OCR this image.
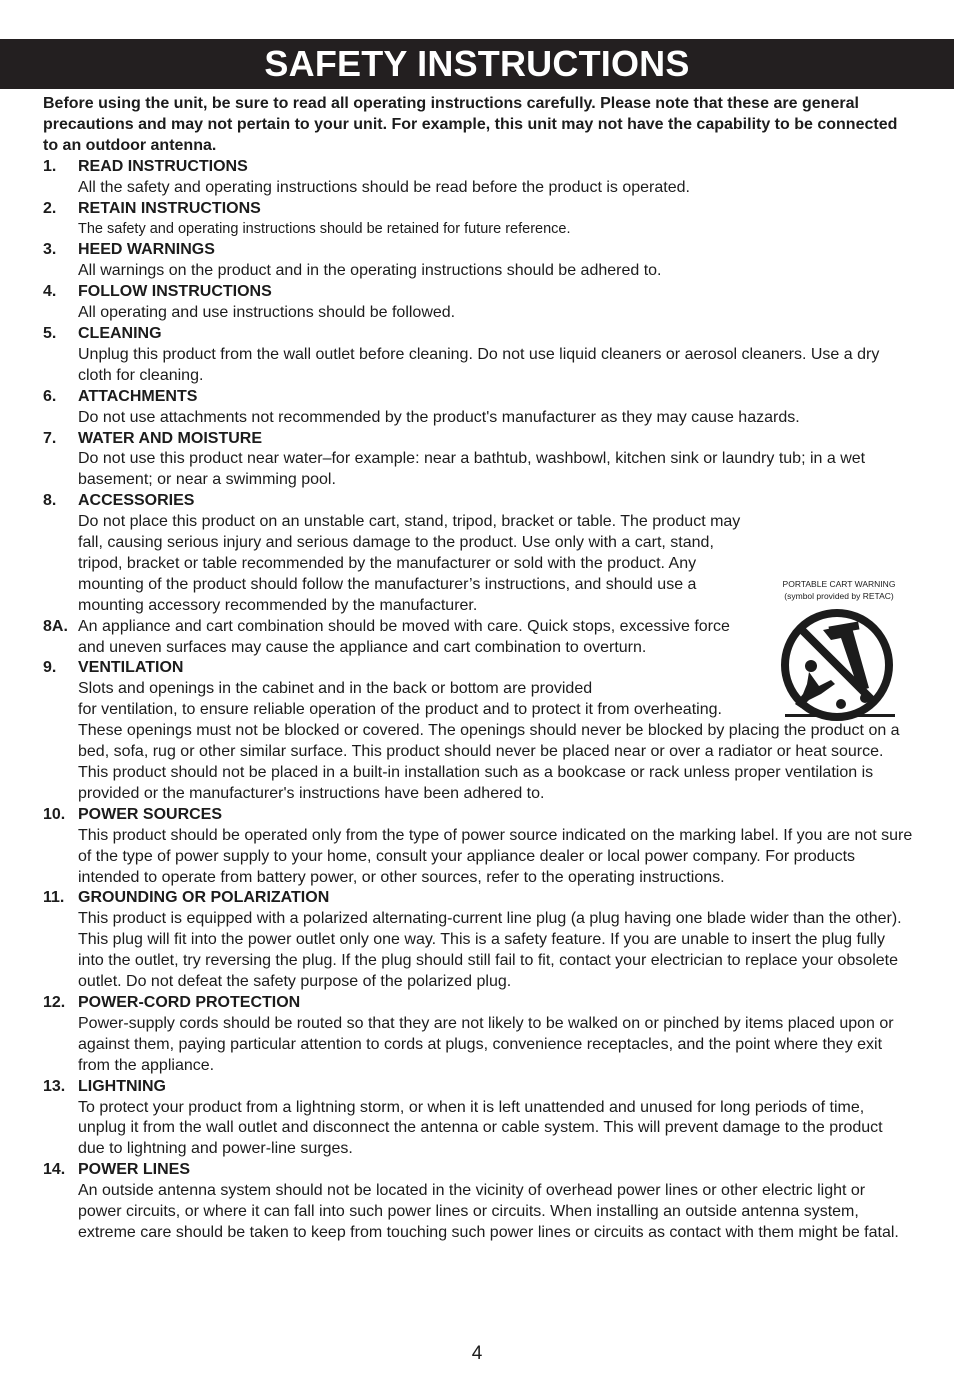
SAFETY INSTRUCTIONS

Before using the unit, be sure to read all operating instructions carefully. Please note that these are general precautions and may not pertain to your unit. For example, this unit may not have the capability to be connected to an outdoor antenna.

1. READ INSTRUCTIONS
All the safety and operating instructions should be read before the product is operated.
2. RETAIN INSTRUCTIONS
The safety and operating instructions should be retained for future reference.
3. HEED WARNINGS
All warnings on the product and in the operating instructions should be adhered to.
4. FOLLOW INSTRUCTIONS
All operating and use instructions should be followed.
5. CLEANING
Unplug this product from the wall outlet before cleaning. Do not use liquid cleaners or aerosol cleaners. Use a dry cloth for cleaning.
6. ATTACHMENTS
Do not use attachments not recommended by the product's manufacturer as they may cause hazards.
7. WATER AND MOISTURE
Do not use this product near water–for example: near a bathtub, washbowl, kitchen sink or laundry tub; in a wet basement; or near a swimming pool.
8. ACCESSORIES
Do not place this product on an unstable cart, stand, tripod, bracket or table. The product may fall, causing serious injury and serious damage to the product. Use only with a cart, stand, tripod, bracket or table recommended by the manufacturer or sold with the product. Any mounting of the product should follow the manufacturer’s instructions, and should use a mounting accessory recommended by the manufacturer.
8A. An appliance and cart combination should be moved with care. Quick stops, excessive force and uneven surfaces may cause the appliance and cart combination to overturn.
9. VENTILATION
Slots and openings in the cabinet and in the back or bottom are provided for ventilation, to ensure reliable operation of the product and to protect it from overheating. These openings must not be blocked or covered. The openings should never be blocked by placing the product on a bed, sofa, rug or other similar surface. This product should never be placed near or over a radiator or heat source. This product should not be placed in a built-in installation such as a bookcase or rack unless proper ventilation is provided or the manufacturer's instructions have been adhered to.
10. POWER SOURCES
This product should be operated only from the type of power source indicated on the marking label. If you are not sure of the type of power supply to your home, consult your appliance dealer or local power company. For products intended to operate from battery power, or other sources, refer to the operating instructions.
11. GROUNDING OR POLARIZATION
This product is equipped with a polarized alternating-current line plug (a plug having one blade wider than the other). This plug will fit into the power outlet only one way. This is a safety feature. If you are unable to insert the plug fully into the outlet, try reversing the plug. If the plug should still fail to fit, contact your electrician to replace your obsolete outlet. Do not defeat the safety purpose of the polarized plug.
12. POWER-CORD PROTECTION
Power-supply cords should be routed so that they are not likely to be walked on or pinched by items placed upon or against them, paying particular attention to cords at plugs, convenience receptacles, and the point where they exit from the appliance.
13. LIGHTNING
To protect your product from a lightning storm, or when it is left unattended and unused for long periods of time, unplug it from the wall outlet and disconnect the antenna or cable system. This will prevent damage to the product due to lightning and power-line surges.
14. POWER LINES
An outside antenna system should not be located in the vicinity of overhead power lines or other electric light or power circuits, or where it can fall into such power lines or circuits. When installing an outside antenna system, extreme care should be taken to keep from touching such power lines or circuits as contact with them might be fatal.
PORTABLE CART WARNING
(symbol provided by RETAC)
4
